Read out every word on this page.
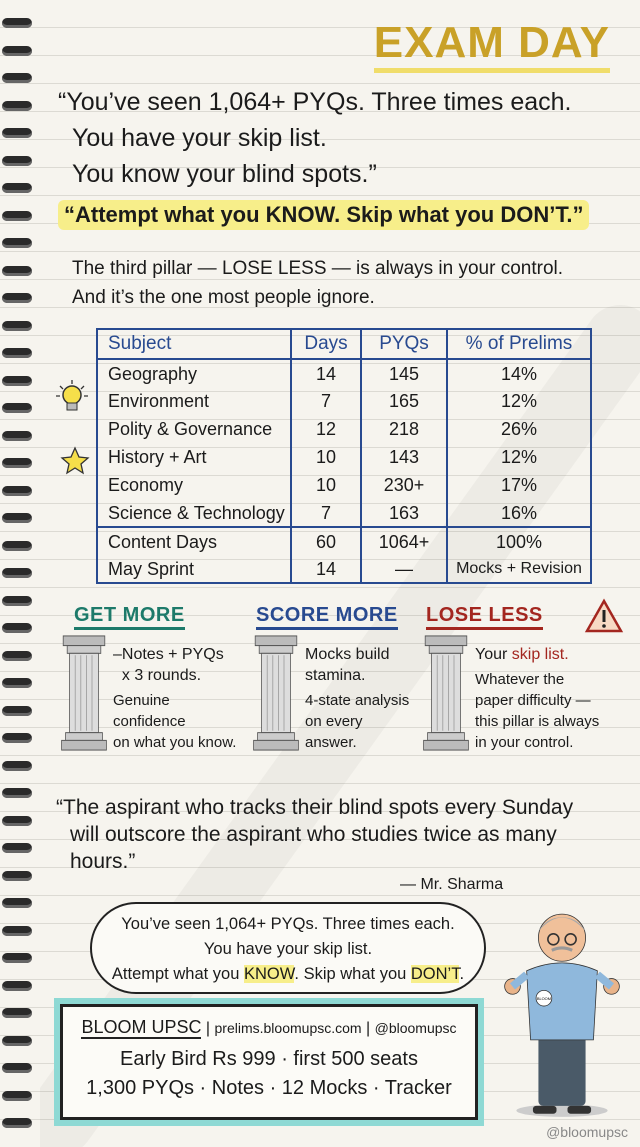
EXAM DAY
“You’ve seen 1,064+ PYQs. Three times each.
You have your skip list.
You know your blind spots.”
“Attempt what you KNOW. Skip what you DON’T.”
The third pillar — LOSE LESS — is always in your control.
And it’s the one most people ignore.
Subject	Days	PYQs	% of Prelims
Geography	14	145	14%
Environment	7	165	12%
Polity & Governance	12	218	26%
History + Art	10	143	12%
Economy	10	230+	17%
Science & Technology	7	163	16%
Content Days	60	1064+	100%
May Sprint	14	—	Mocks + Revision
GET MORE
–Notes + PYQs
x 3 rounds.
Genuine confidence
on what you know.
SCORE MORE
Mocks build
stamina.
4-state analysis
on every answer.
LOSE LESS
Your skip list.
Whatever the
paper difficulty —
this pillar is always
in your control.
“The aspirant who tracks their blind spots every Sunday
will outscore the aspirant who studies twice as many hours.”
— Mr. Sharma
You’ve seen 1,064+ PYQs. Three times each.
You have your skip list.
Attempt what you KNOW. Skip what you DON’T.
BLOOM
BLOOM UPSC | prelims.bloomupsc.com | @bloomupsc
Early Bird Rs 999 · first 500 seats
1,300 PYQs · Notes · 12 Mocks · Tracker
@bloomupsc
